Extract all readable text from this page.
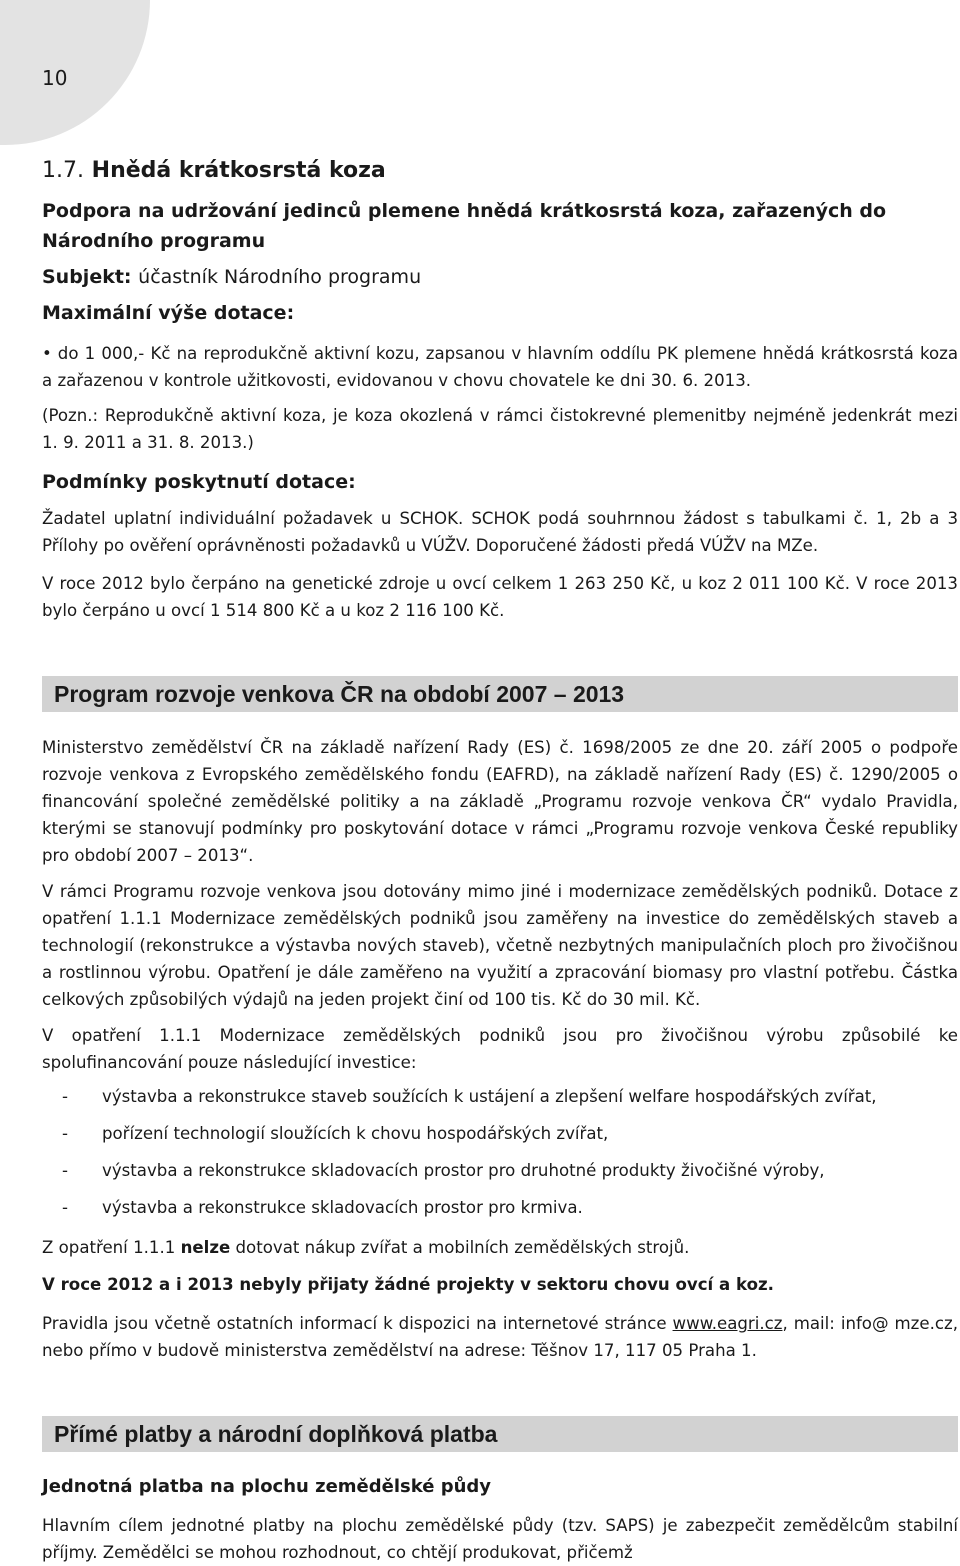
10
1.7. Hnědá krátkosrstá koza
Podpora na udržování jedinců plemene hnědá krátkosrstá koza, zařazených do Národního programu
Subjekt: účastník Národního programu
Maximální výše dotace:
• do 1 000,- Kč na reprodukčně aktivní kozu, zapsanou v hlavním oddílu PK plemene hnědá krátkosrstá koza a zařazenou v kontrole užitkovosti, evidovanou v chovu chovatele ke dni 30. 6. 2013.

(Pozn.: Reprodukčně aktivní koza, je koza okozlená v rámci čistokrevné plemenitby nejméně jedenkrát mezi 1. 9. 2011 a 31. 8. 2013.)

Podmínky poskytnutí dotace:

Žadatel uplatní individuální požadavek u SCHOK. SCHOK podá souhrnnou žádost s tabulkami č. 1, 2b a 3 Přílohy po ověření oprávněnosti požadavků u VÚŽV. Doporučené žádosti předá VÚŽV na MZe.

V roce 2012 bylo čerpáno na genetické zdroje u ovcí celkem 1 263 250 Kč, u koz 2 011 100 Kč. V roce 2013 bylo čerpáno u ovcí 1 514 800 Kč a u koz 2 116 100 Kč.

Program rozvoje venkova ČR na období 2007 – 2013

Ministerstvo zemědělství ČR na základě nařízení Rady (ES) č. 1698/2005 ze dne 20. září 2005 o podpoře rozvoje venkova z Evropského zemědělského fondu (EAFRD), na základě nařízení Rady (ES) č. 1290/2005 o financování společné zemědělské politiky a na základě „Programu rozvoje venkova ČR“ vydalo Pravidla, kterými se stanovují podmínky pro poskytování dotace v rámci „Programu rozvoje venkova České republiky pro období 2007 – 2013“.

V rámci Programu rozvoje venkova jsou dotovány mimo jiné i modernizace zemědělských podniků. Dotace z opatření 1.1.1 Modernizace zemědělských podniků jsou zaměřeny na investice do zemědělských staveb a technologií (rekonstrukce a výstavba nových staveb), včetně nezbytných manipulačních ploch pro živočišnou a rostlinnou výrobu. Opatření je dále zaměřeno na využití a zpracování biomasy pro vlastní potřebu. Částka celkových způsobilých výdajů na jeden projekt činí od 100 tis. Kč do 30 mil. Kč.

V opatření 1.1.1 Modernizace zemědělských podniků jsou pro živočišnou výrobu způsobilé ke spolufinancování pouze následující investice:

- výstavba a rekonstrukce staveb soužících k ustájení a zlepšení welfare hospodářských zvířat,
- pořízení technologií sloužících k chovu hospodářských zvířat,
- výstavba a rekonstrukce skladovacích prostor pro druhotné produkty živočišné výroby,
- výstavba a rekonstrukce skladovacích prostor pro krmiva.

Z opatření 1.1.1 nelze dotovat nákup zvířat a mobilních zemědělských strojů.

V roce 2012 a i 2013 nebyly přijaty žádné projekty v sektoru chovu ovcí a koz.

Pravidla jsou včetně ostatních informací k dispozici na internetové stránce www.eagri.cz, mail: info@ mze.cz, nebo přímo v budově ministerstva zemědělství na adrese: Těšnov 17, 117 05 Praha 1.

Přímé platby a národní doplňková platba
Jednotná platba na plochu zemědělské půdy

Hlavním cílem jednotné platby na plochu zemědělské půdy (tzv. SAPS) je zabezpečit zemědělcům stabilní příjmy. Zemědělci se mohou rozhodnout, co chtějí produkovat, přičemž
